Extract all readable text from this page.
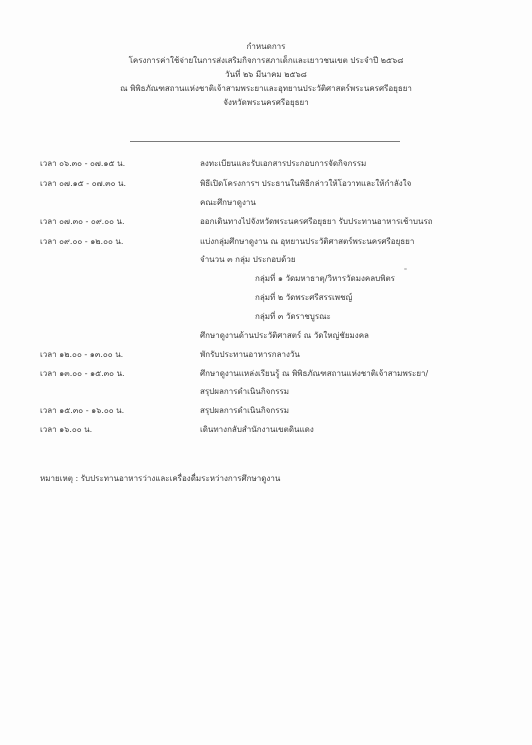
กำหนดการ
โครงการค่าใช้จ่ายในการส่งเสริมกิจการสภาเด็กและเยาวชนเขต ประจำปี ๒๕๖๘
วันที่ ๒๖ มีนาคม ๒๕๖๘
ณ พิพิธภัณฑสถานแห่งชาติเจ้าสามพระยาและอุทยานประวัติศาสตร์พระนครศรีอยุธยา
จังหวัดพระนครศรีอยุธยา
เวลา ๐๖.๓๐ - ๐๗.๑๕ น.	ลงทะเบียนและรับเอกสารประกอบการจัดกิจกรรม
เวลา ๐๗.๑๕ - ๐๗.๓๐ น.	พิธีเปิดโครงการฯ ประธานในพิธีกล่าวให้โอวาทและให้กำลังใจ
คณะศึกษาดูงาน
เวลา ๐๗.๓๐ - ๐๙.๐๐ น.	ออกเดินทางไปจังหวัดพระนครศรีอยุธยา รับประทานอาหารเช้าบนรถ
เวลา ๐๙.๐๐ - ๑๒.๐๐ น.	แบ่งกลุ่มศึกษาดูงาน ณ อุทยานประวัติศาสตร์พระนครศรีอยุธยา
จำนวน ๓ กลุ่ม ประกอบด้วย
กลุ่มที่ ๑ วัดมหาธาตุ/วิหารวัดมงคลบพิตร
กลุ่มที่ ๒ วัดพระศรีสรรเพชญ์
กลุ่มที่ ๓ วัดราชบูรณะ
ศึกษาดูงานด้านประวัติศาสตร์ ณ วัดใหญ่ชัยมงคล
เวลา ๑๒.๐๐ - ๑๓.๐๐ น.	พักรับประทานอาหารกลางวัน
เวลา ๑๓.๐๐ - ๑๕.๓๐ น.	ศึกษาดูงานแหล่งเรียนรู้ ณ พิพิธภัณฑสถานแห่งชาติเจ้าสามพระยา/
สรุปผลการดำเนินกิจกรรม
เวลา ๑๕.๓๐ - ๑๖.๐๐ น.	สรุปผลการดำเนินกิจกรรม
เวลา ๑๖.๐๐ น.	เดินทางกลับสำนักงานเขตดินแดง
หมายเหตุ : รับประทานอาหารว่างและเครื่องดื่มระหว่างการศึกษาดูงาน
